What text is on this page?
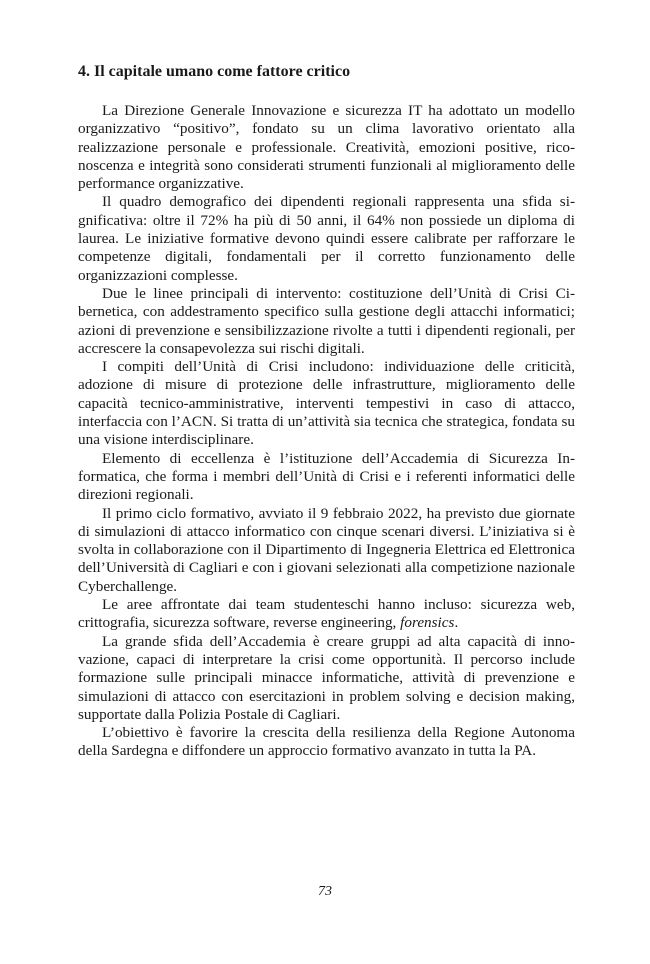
4. Il capitale umano come fattore critico

La Direzione Generale Innovazione e sicurezza IT ha adottato un modello organizzativo “positivo”, fondato su un clima lavorativo orientato alla realizzazione personale e professionale. Creatività, emozioni positive, riconoscenza e integrità sono considerati strumenti funzionali al miglioramento delle performance organizzative.

Il quadro demografico dei dipendenti regionali rappresenta una sfida significativa: oltre il 72% ha più di 50 anni, il 64% non possiede un diploma di laurea. Le iniziative formative devono quindi essere calibrate per rafforzare le competenze digitali, fondamentali per il corretto funzionamento delle organizzazioni complesse.

Due le linee principali di intervento: costituzione dell’Unità di Crisi Cibernetica, con addestramento specifico sulla gestione degli attacchi informatici; azioni di prevenzione e sensibilizzazione rivolte a tutti i dipendenti regionali, per accrescere la consapevolezza sui rischi digitali.

I compiti dell’Unità di Crisi includono: individuazione delle criticità, adozione di misure di protezione delle infrastrutture, miglioramento delle capacità tecnico-amministrative, interventi tempestivi in caso di attacco, interfaccia con l’ACN. Si tratta di un’attività sia tecnica che strategica, fondata su una visione interdisciplinare.

Elemento di eccellenza è l’istituzione dell’Accademia di Sicurezza Informatica, che forma i membri dell’Unità di Crisi e i referenti informatici delle direzioni regionali.

Il primo ciclo formativo, avviato il 9 febbraio 2022, ha previsto due giornate di simulazioni di attacco informatico con cinque scenari diversi. L’iniziativa si è svolta in collaborazione con il Dipartimento di Ingegneria Elettrica ed Elettronica dell’Università di Cagliari e con i giovani selezionati alla competizione nazionale Cyberchallenge.

Le aree affrontate dai team studenteschi hanno incluso: sicurezza web, crittografia, sicurezza software, reverse engineering, forensics.

La grande sfida dell’Accademia è creare gruppi ad alta capacità di innovazione, capaci di interpretare la crisi come opportunità. Il percorso include formazione sulle principali minacce informatiche, attività di prevenzione e simulazioni di attacco con esercitazioni in problem solving e decision making, supportate dalla Polizia Postale di Cagliari.

L’obiettivo è favorire la crescita della resilienza della Regione Autonoma della Sardegna e diffondere un approccio formativo avanzato in tutta la PA.

73
